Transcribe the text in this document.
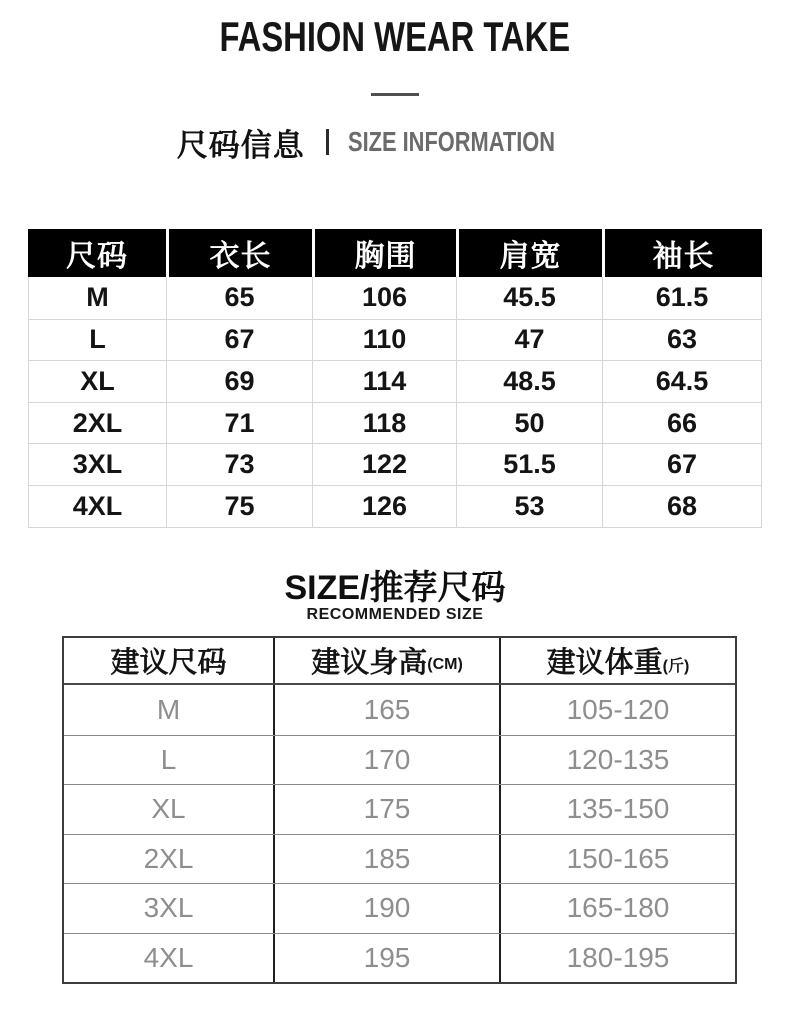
FASHION WEAR TAKE
尺码信息 SIZE INFORMATION
尺码	衣长	胸围	肩宽	袖长
M	65	106	45.5	61.5
L	67	110	47	63
XL	69	114	48.5	64.5
2XL	71	118	50	66
3XL	73	122	51.5	67
4XL	75	126	53	68
SIZE/推荐尺码
RECOMMENDED SIZE
建议尺码	建议身高 (CM)	建议体重 (斤)
M	165	105-120
L	170	120-135
XL	175	135-150
2XL	185	150-165
3XL	190	165-180
4XL	195	180-195
